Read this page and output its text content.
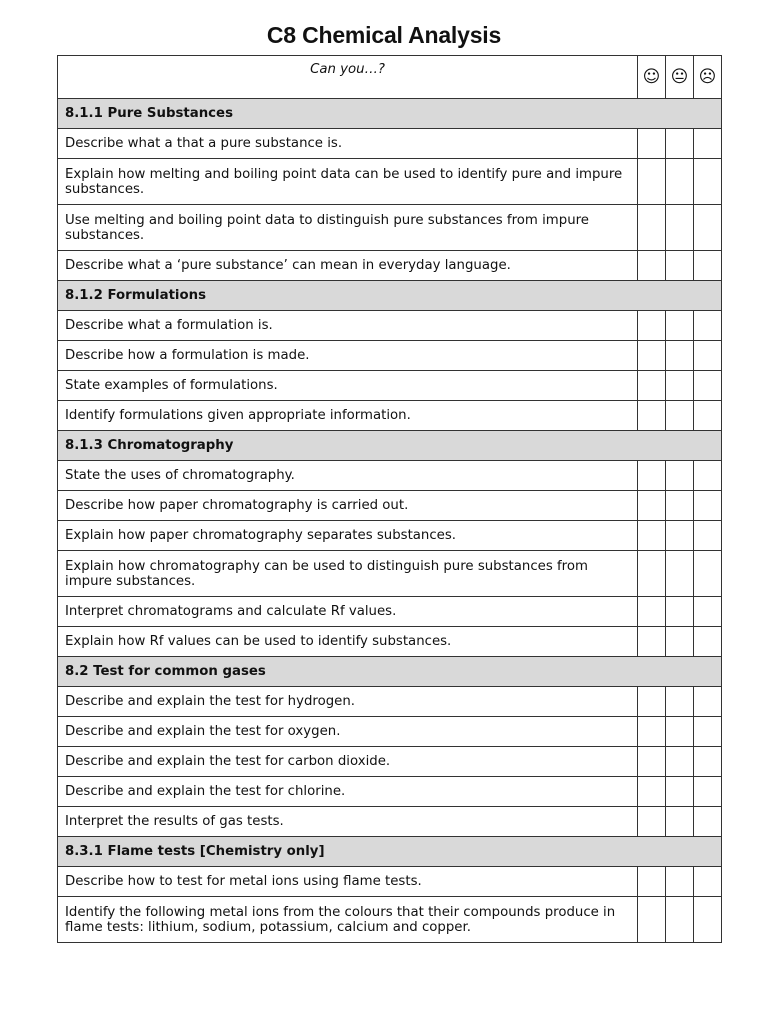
C8 Chemical Analysis
Can you…?	☺	😐	☹
8.1.1 Pure Substances			
Describe what a that a pure substance is.			
Explain how melting and boiling point data can be used to identify pure and impure substances.			
Use melting and boiling point data to distinguish pure substances from impure substances.			
Describe what a ‘pure substance’ can mean in everyday language.			
8.1.2 Formulations			
Describe what a formulation is.			
Describe how a formulation is made.			
State examples of formulations.			
Identify formulations given appropriate information.			
8.1.3 Chromatography			
State the uses of chromatography.			
Describe how paper chromatography is carried out.			
Explain how paper chromatography separates substances.			
Explain how chromatography can be used to distinguish pure substances from impure substances.			
Interpret chromatograms and calculate Rf values.			
Explain how Rf values can be used to identify substances.			
8.2 Test for common gases			
Describe and explain the test for hydrogen.			
Describe and explain the test for oxygen.			
Describe and explain the test for carbon dioxide.			
Describe and explain the test for chlorine.			
Interpret the results of gas tests.			
8.3.1 Flame tests [Chemistry only]			
Describe how to test for metal ions using flame tests.			
Identify the following metal ions from the colours that their compounds produce in flame tests: lithium, sodium, potassium, calcium and copper.			
